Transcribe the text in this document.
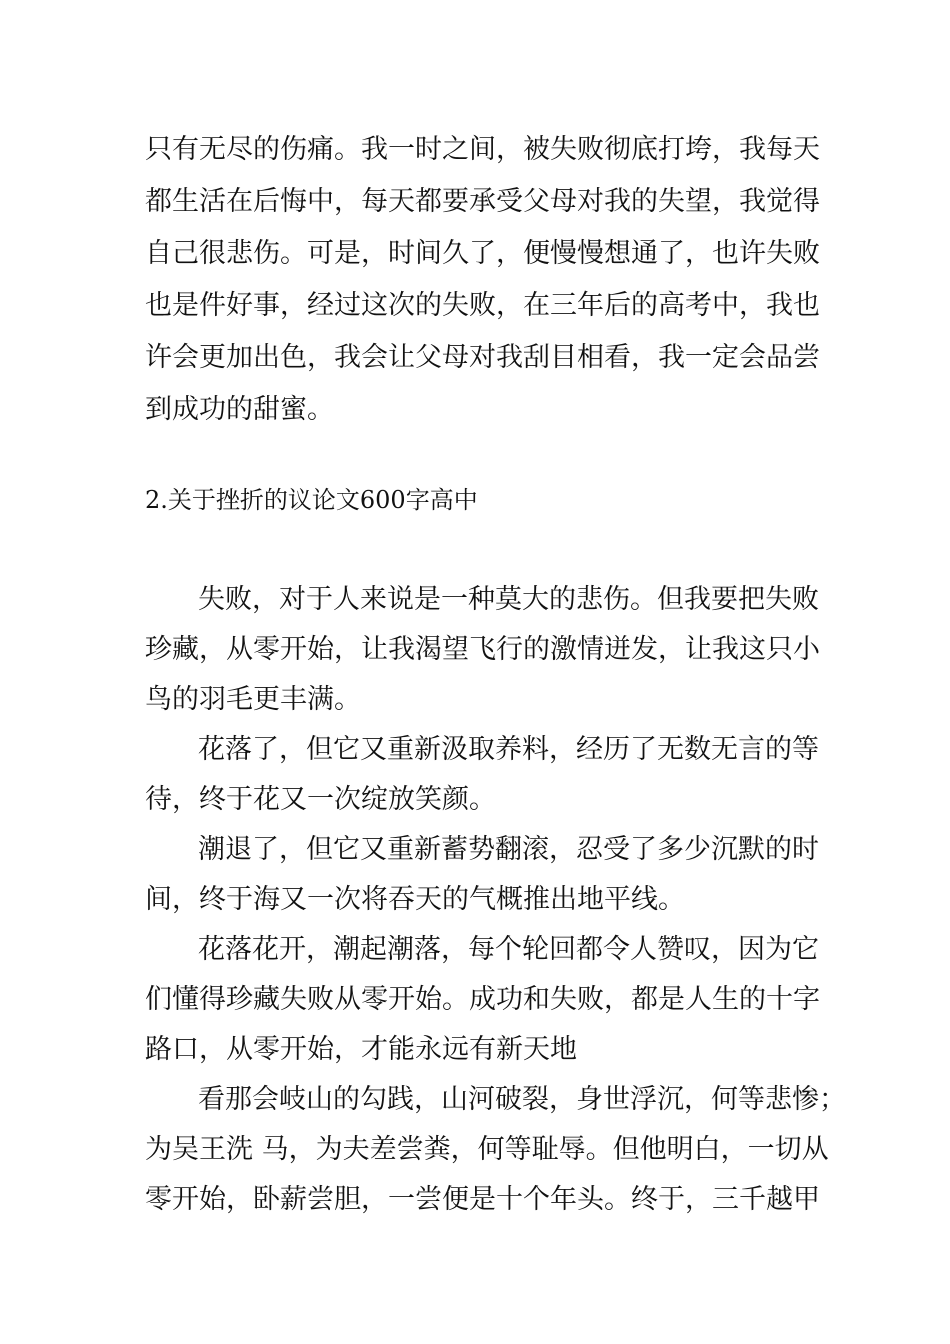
只有无尽的伤痛。我一时之间，被失败彻底打垮，我每天
都生活在后悔中，每天都要承受父母对我的失望，我觉得
自己很悲伤。可是，时间久了，便慢慢想通了，也许失败
也是件好事，经过这次的失败，在三年后的高考中，我也
许会更加出色，我会让父母对我刮目相看，我一定会品尝
到成功的甜蜜。
2.关于挫折的议论文600字高中
失败，对于人来说是一种莫大的悲伤。但我要把失败
珍藏，从零开始，让我渴望飞行的激情迸发，让我这只小
鸟的羽毛更丰满。
花落了，但它又重新汲取养料，经历了无数无言的等
待，终于花又一次绽放笑颜。
潮退了，但它又重新蓄势翻滚，忍受了多少沉默的时
间，终于海又一次将吞天的气概推出地平线。
花落花开，潮起潮落，每个轮回都令人赞叹，因为它
们懂得珍藏失败从零开始。成功和失败，都是人生的十字
路口，从零开始，才能永远有新天地
看那会岐山的勾践，山河破裂，身世浮沉，何等悲惨；
为吴王洗 马，为夫差尝粪，何等耻辱。但他明白，一切从
零开始，卧薪尝胆，一尝便是十个年头。终于，三千越甲
